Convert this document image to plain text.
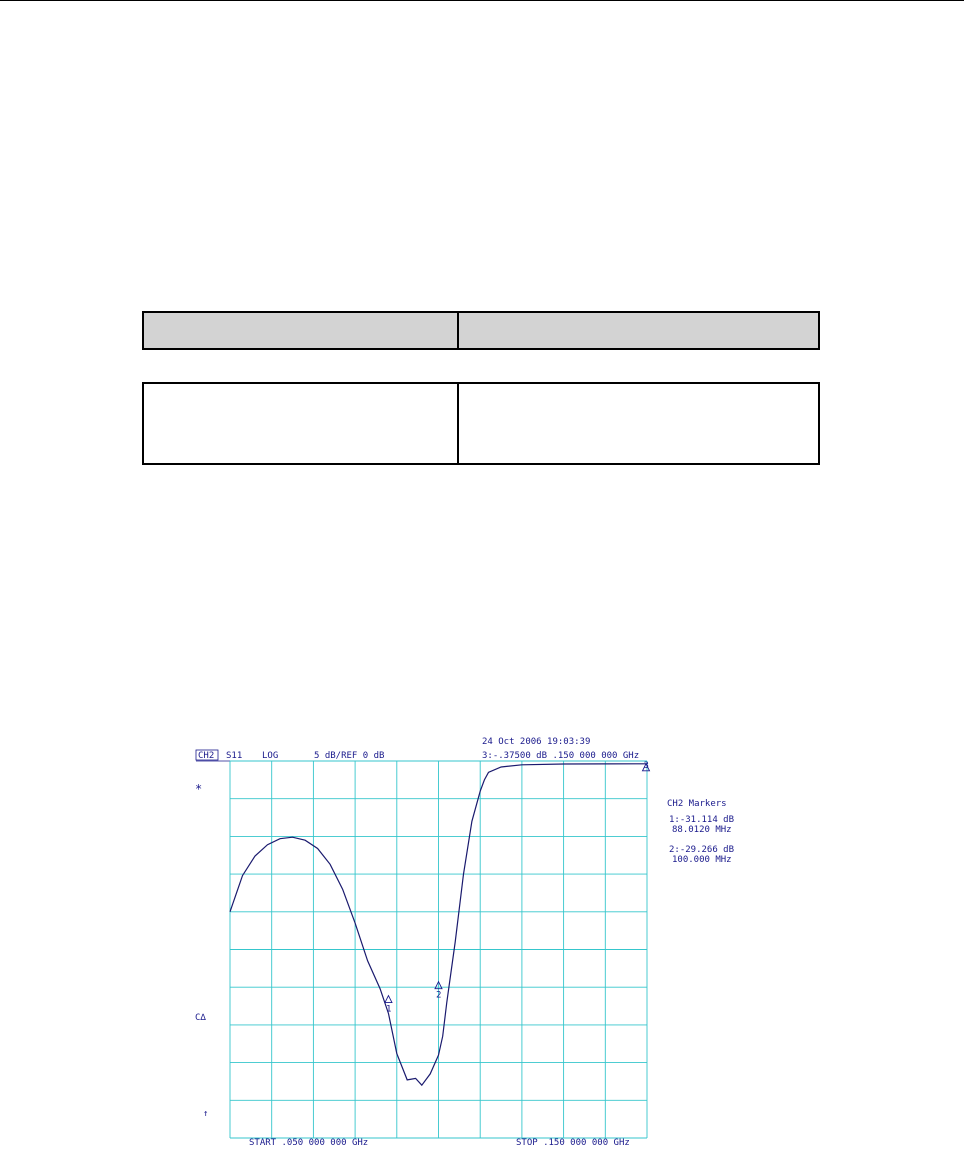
24 Oct 2006 19:03:39
CH2 S11 LOG	5 dB/REF 0 dB	3:-.37500 dB .150 000 000 GHz
*
C∆
↑
START .050 000 000 GHz	STOP .150 000 000 GHz
CH2 Markers
1:-31.114 dB
88.0120 MHz
2:-29.266 dB
100.000 MHz
1
2
3
